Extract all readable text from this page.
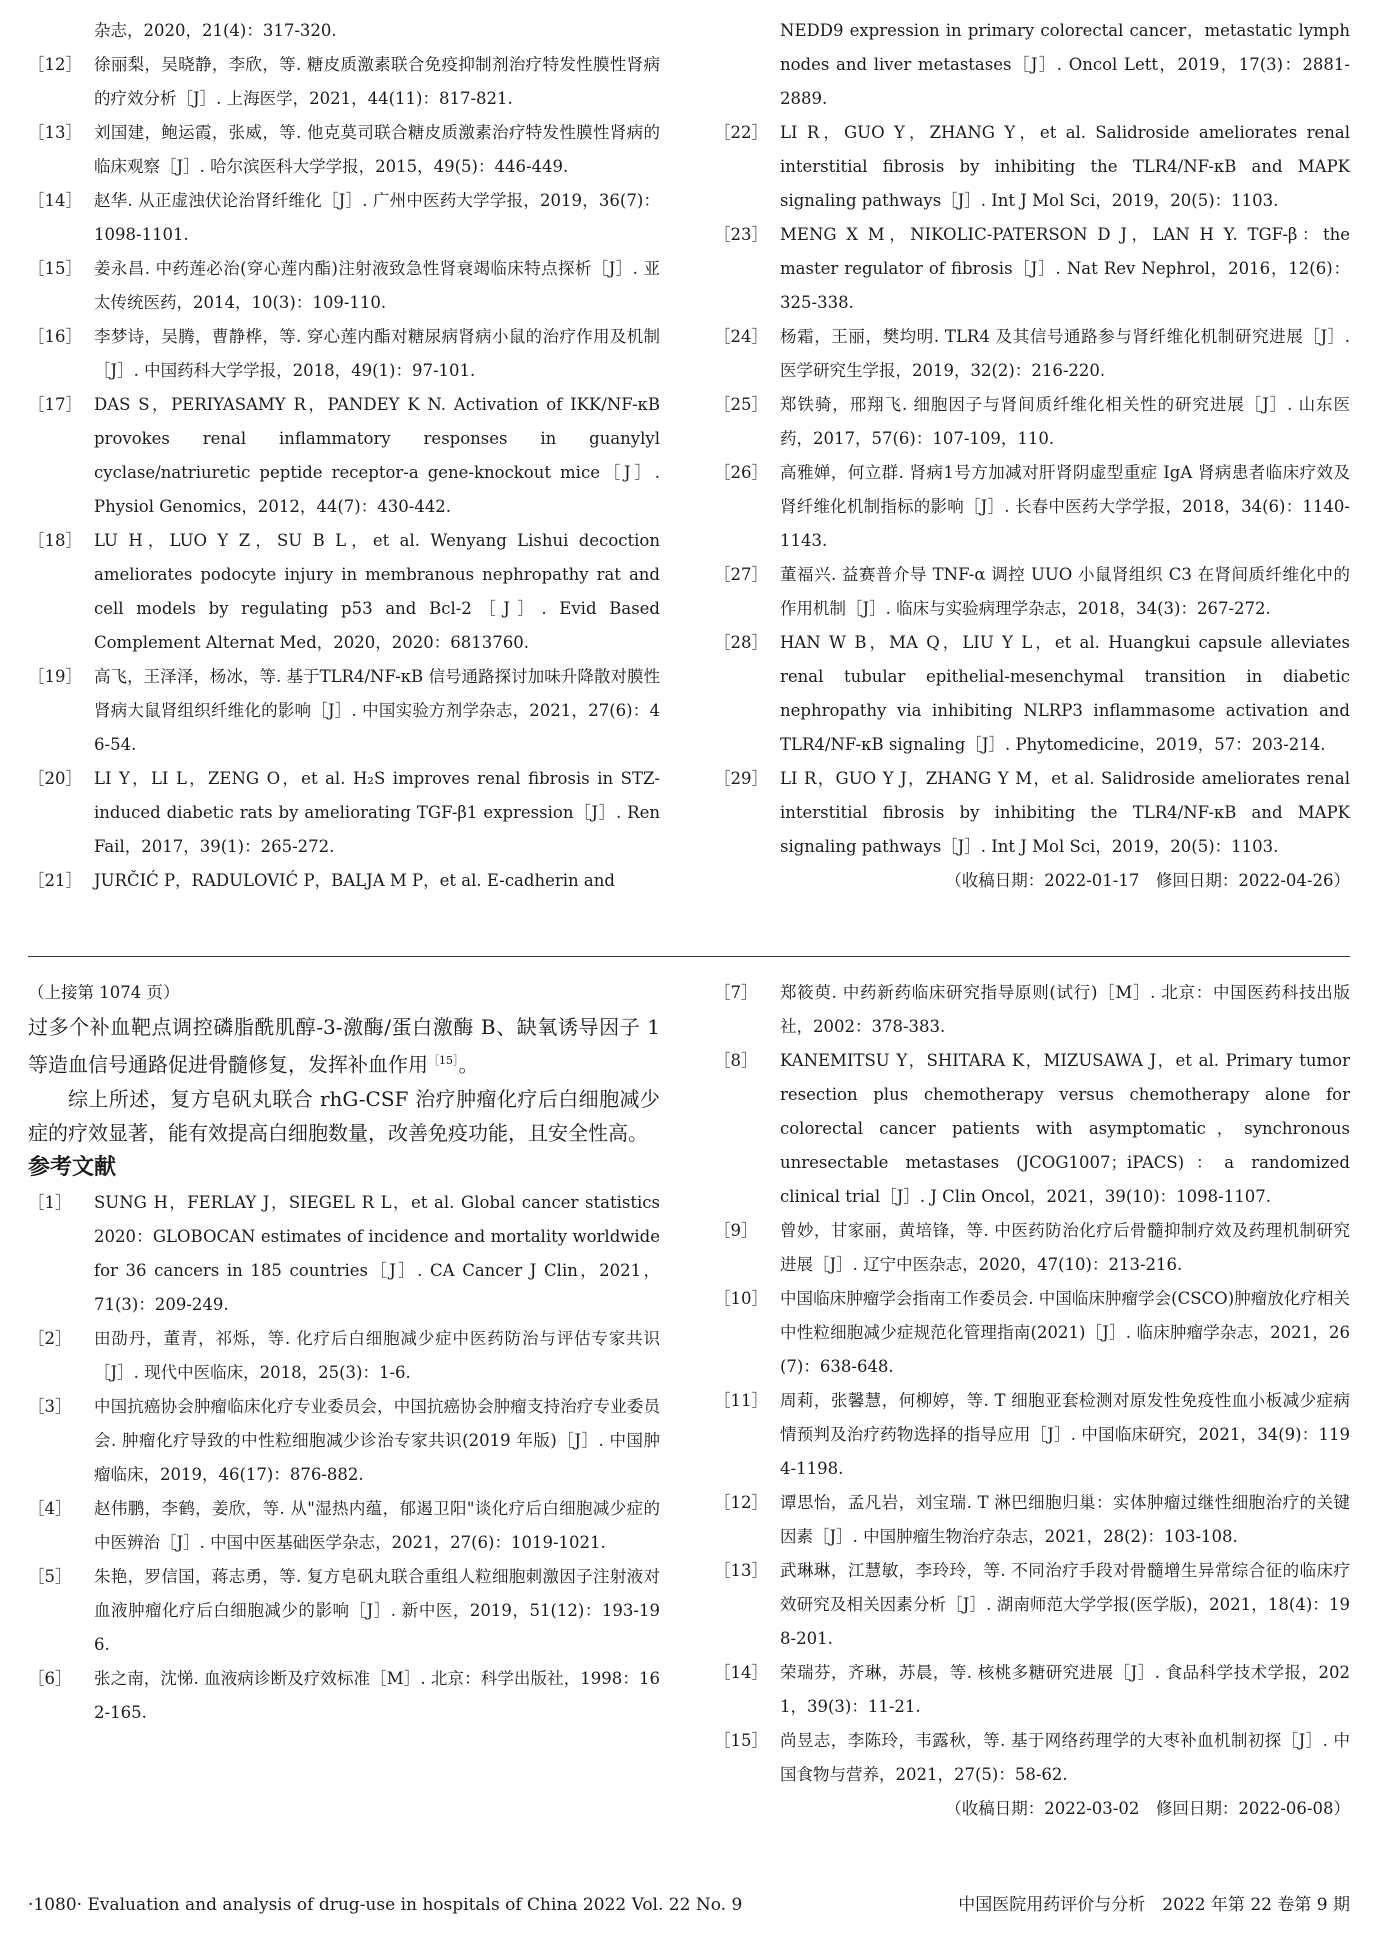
杂志，2020，21(4)：317-320.
［12］ 徐丽梨，吴晓静，李欣，等. 糖皮质激素联合免疫抑制剂治疗特发性膜性肾病的疗效分析［J］. 上海医学，2021，44(11)：817-821.
［13］ 刘国建，鲍运霞，张威，等. 他克莫司联合糖皮质激素治疗特发性膜性肾病的临床观察［J］. 哈尔滨医科大学学报，2015，49(5)：446-449.
［14］ 赵华. 从正虚浊伏论治肾纤维化［J］. 广州中医药大学学报，2019，36(7)：1098-1101.
［15］ 姜永昌. 中药莲必治(穿心莲内酯)注射液致急性肾衰竭临床特点探析［J］. 亚太传统医药，2014，10(3)：109-110.
［16］ 李梦诗，吴腾，曹静桦，等. 穿心莲内酯对糖尿病肾病小鼠的治疗作用及机制［J］. 中国药科大学学报，2018，49(1)：97-101.
［17］ DAS S，PERIYASAMY R，PANDEY K N. Activation of IKK/NF-κB provokes renal inflammatory responses in guanylyl cyclase/natriuretic peptide receptor-a gene-knockout mice［J］. Physiol Genomics，2012，44(7)：430-442.
［18］ LU H，LUO Y Z，SU B L，et al. Wenyang Lishui decoction ameliorates podocyte injury in membranous nephropathy rat and cell models by regulating p53 and Bcl-2［J］. Evid Based Complement Alternat Med，2020，2020：6813760.
［19］ 高飞，王泽泽，杨冰，等. 基于TLR4/NF-κB 信号通路探讨加味升降散对膜性肾病大鼠肾组织纤维化的影响［J］. 中国实验方剂学杂志，2021，27(6)：46-54.
［20］ LI Y，LI L，ZENG O，et al. H₂S improves renal fibrosis in STZ-induced diabetic rats by ameliorating TGF-β1 expression［J］. Ren Fail，2017，39(1)：265-272.
［21］ JURČIĆ P，RADULOVIĆ P，BALJA M P，et al. E-cadherin and
NEDD9 expression in primary colorectal cancer，metastatic lymph nodes and liver metastases［J］. Oncol Lett，2019，17(3)：2881-2889.
［22］ LI R，GUO Y，ZHANG Y，et al. Salidroside ameliorates renal interstitial fibrosis by inhibiting the TLR4/NF-κB and MAPK signaling pathways［J］. Int J Mol Sci，2019，20(5)：1103.
［23］ MENG X M，NIKOLIC-PATERSON D J，LAN H Y. TGF-β：the master regulator of fibrosis［J］. Nat Rev Nephrol，2016，12(6)：325-338.
［24］ 杨霜，王丽，樊均明. TLR4 及其信号通路参与肾纤维化机制研究进展［J］. 医学研究生学报，2019，32(2)：216-220.
［25］ 郑铁骑，邢翔飞. 细胞因子与肾间质纤维化相关性的研究进展［J］. 山东医药，2017，57(6)：107-109，110.
［26］ 高雅婵，何立群. 肾病1号方加减对肝肾阴虚型重症 IgA 肾病患者临床疗效及肾纤维化机制指标的影响［J］. 长春中医药大学学报，2018，34(6)：1140-1143.
［27］ 董福兴. 益赛普介导 TNF-α 调控 UUO 小鼠肾组织 C3 在肾间质纤维化中的作用机制［J］. 临床与实验病理学杂志，2018，34(3)：267-272.
［28］ HAN W B，MA Q，LIU Y L，et al. Huangkui capsule alleviates renal tubular epithelial-mesenchymal transition in diabetic nephropathy via inhibiting NLRP3 inflammasome activation and TLR4/NF-κB signaling［J］. Phytomedicine，2019，57：203-214.
［29］ LI R，GUO Y J，ZHANG Y M，et al. Salidroside ameliorates renal interstitial fibrosis by inhibiting the TLR4/NF-κB and MAPK signaling pathways［J］. Int J Mol Sci，2019，20(5)：1103.
（收稿日期：2022-01-17　修回日期：2022-04-26）
（上接第 1074 页）

过多个补血靶点调控磷脂酰肌醇-3-激酶/蛋白激酶 B、缺氧诱导因子 1 等造血信号通路促进骨髓修复，发挥补血作用$^{[15]}$。

综上所述，复方皂矾丸联合 rhG-CSF 治疗肿瘤化疗后白细胞减少症的疗效显著，能有效提高白细胞数量，改善免疫功能，且安全性高。

参考文献
［1］	SUNG H，FERLAY J，SIEGEL R L，et al. Global cancer statistics 2020：GLOBOCAN estimates of incidence and mortality worldwide for 36 cancers in 185 countries［J］. CA Cancer J Clin，2021，71(3)：209-249.
［2］	田劭丹，董青，祁烁，等. 化疗后白细胞减少症中医药防治与评估专家共识［J］. 现代中医临床，2018，25(3)：1-6.
［3］	中国抗癌协会肿瘤临床化疗专业委员会，中国抗癌协会肿瘤支持治疗专业委员会. 肿瘤化疗导致的中性粒细胞减少诊治专家共识(2019 年版)［J］. 中国肿瘤临床，2019，46(17)：876-882.
［4］	赵伟鹏，李鹤，姜欣，等. 从"湿热内蕴，郁遏卫阳"谈化疗后白细胞减少症的中医辨治［J］. 中国中医基础医学杂志，2021，27(6)：1019-1021.
［5］	朱艳，罗信国，蒋志勇，等. 复方皂矾丸联合重组人粒细胞刺激因子注射液对血液肿瘤化疗后白细胞减少的影响［J］. 新中医，2019，51(12)：193-196.
［6］	张之南，沈悌. 血液病诊断及疗效标准［M］. 北京：科学出版社，1998：162-165.
［7］	郑筱萸. 中药新药临床研究指导原则(试行)［M］. 北京：中国医药科技出版社，2002：378-383.
［8］	KANEMITSU Y，SHITARA K，MIZUSAWA J，et al. Primary tumor resection plus chemotherapy versus chemotherapy alone for colorectal cancer patients with asymptomatic，synchronous unresectable metastases (JCOG1007；iPACS)：a randomized clinical trial［J］. J Clin Oncol，2021，39(10)：1098-1107.
［9］	曾妙，甘家丽，黄培锋，等. 中医药防治化疗后骨髓抑制疗效及药理机制研究进展［J］. 辽宁中医杂志，2020，47(10)：213-216.
［10］ 中国临床肿瘤学会指南工作委员会. 中国临床肿瘤学会(CSCO)肿瘤放化疗相关中性粒细胞减少症规范化管理指南(2021)［J］. 临床肿瘤学杂志，2021，26(7)：638-648.
［11］ 周莉，张馨慧，何柳婷，等. T 细胞亚套检测对原发性免疫性血小板减少症病情预判及治疗药物选择的指导应用［J］. 中国临床研究，2021，34(9)：1194-1198.
［12］ 谭思怡，孟凡岩，刘宝瑞. T 淋巴细胞归巢：实体肿瘤过继性细胞治疗的关键因素［J］. 中国肿瘤生物治疗杂志，2021，28(2)：103-108.
［13］ 武琳琳，江慧敏，李玲玲，等. 不同治疗手段对骨髓增生异常综合征的临床疗效研究及相关因素分析［J］. 湖南师范大学学报(医学版)，2021，18(4)：198-201.
［14］ 荣瑞芬，齐琳，苏晨，等. 核桃多糖研究进展［J］. 食品科学技术学报，2021，39(3)：11-21.
［15］ 尚昱志，李陈玲，韦露秋，等. 基于网络药理学的大枣补血机制初探［J］. 中国食物与营养，2021，27(5)：58-62.
（收稿日期：2022-03-02　修回日期：2022-06-08）
·1080· Evaluation and analysis of drug-use in hospitals of China 2022 Vol. 22 No. 9	中国医院用药评价与分析　2022 年第 22 卷第 9 期
